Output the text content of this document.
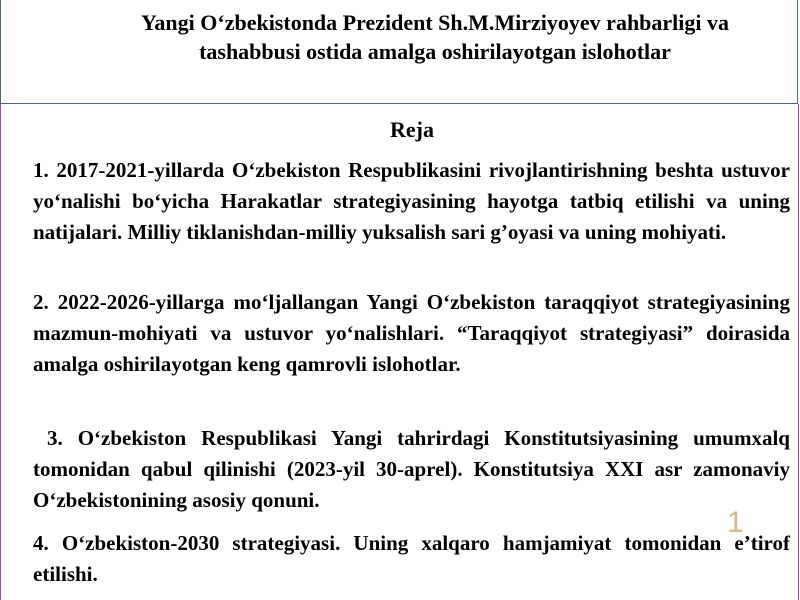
Yangi O‘zbekistonda Prezident Sh.M.Mirziyoyev rahbarligi va tashabbusi ostida amalga oshirilayotgan islohotlar
Reja
1. 2017-2021-yillarda O‘zbekiston Respublikasini rivojlantirishning beshta ustuvor yo‘nalishi bo‘yicha Harakatlar strategiyasining hayotga tatbiq etilishi va uning natijalari. Milliy tiklanishdan-milliy yuksalish sari g’oyasi va uning mohiyati.
2. 2022-2026-yillarga mo‘ljallangan Yangi O‘zbekiston taraqqiyot strategiyasining mazmun-mohiyati va ustuvor yo‘nalishlari. “Taraqqiyot strategiyasi” doirasida amalga oshirilayotgan keng qamrovli islohotlar.
3. O‘zbekiston Respublikasi Yangi tahrirdagi Konstitutsiyasining umumxalq tomonidan qabul qilinishi (2023-yil 30-aprel). Konstitutsiya XXI asr zamonaviy O‘zbekistonining asosiy qonuni.
4. O‘zbekiston-2030 strategiyasi. Uning xalqaro hamjamiyat tomonidan e’tirof etilishi.
1
